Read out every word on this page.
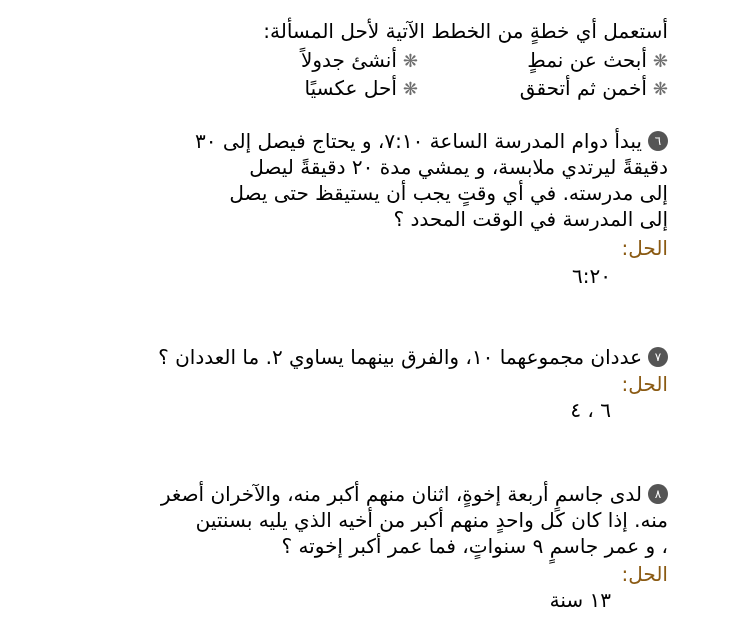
أستعمل أي خطةٍ من الخطط الآتية لأحل المسألة:
❋أبحث عن نمطٍ
❋أنشئ جدولاً
❋أخمن ثم أتحقق
❋أحل عكسيًا
٦يبدأ دوام المدرسة الساعة ٧:١٠، و يحتاج فيصل إلى ٣٠
دقيقةً ليرتدي ملابسة، و يمشي مدة ٢٠ دقيقةً ليصل
إلى مدرسته. في أي وقتٍ يجب أن يستيقظ حتى يصل
إلى المدرسة في الوقت المحدد ؟
الحل:
٦:٢٠
٧عددان مجموعهما ١٠، والفرق بينهما يساوي ٢. ما العددان ؟
الحل:
٦ ، ٤
٨لدى جاسمٍ أربعة إخوةٍ، اثنان منهم أكبر منه، والآخران أصغر
منه. إذا كان كل واحدٍ منهم أكبر من أخيه الذي يليه بسنتين
، و عمر جاسمٍ ٩ سنواتٍ، فما عمر أكبر إخوته ؟
الحل:
١٣ سنة
